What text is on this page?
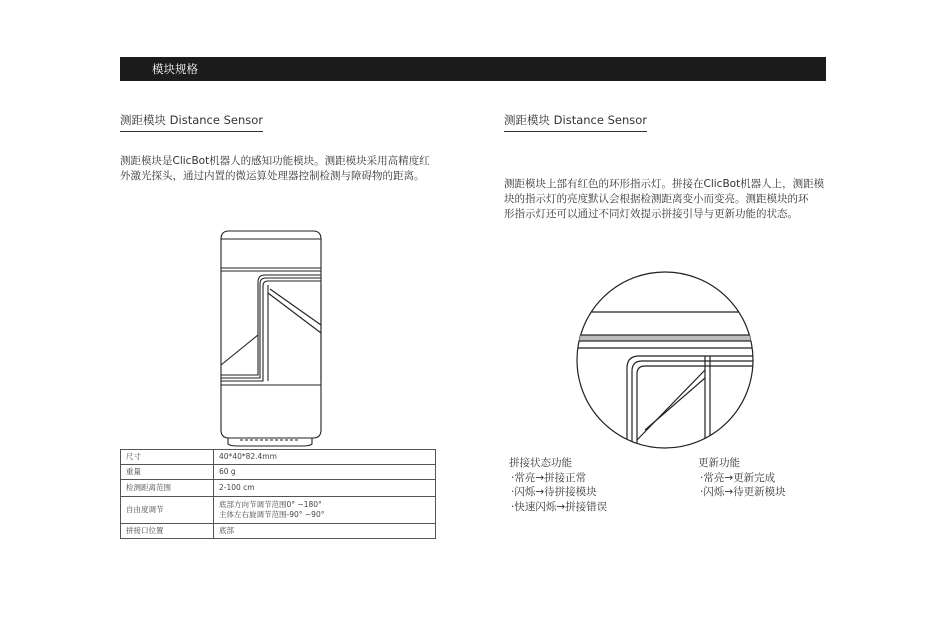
模块规格
测距模块 Distance Sensor
测距模块是ClicBot机器人的感知功能模块。测距模块采用高精度红
外激光探头，通过内置的微运算处理器控制检测与障碍物的距离。
尺寸	40*40*82.4mm
重量	60 g
检测距离范围	2-100 cm
自由度调节	底部方向节调节范围0° ~180°
主体左右旋调节范围-90° ~90°

拼接口位置	底部
测距模块 Distance Sensor
测距模块上部有红色的环形指示灯。拼接在ClicBot机器人上，测距模
块的指示灯的亮度默认会根据检测距离变小而变亮。测距模块的环
形指示灯还可以通过不同灯效提示拼接引导与更新功能的状态。
拼接状态功能
·常亮→拼接正常
·闪烁→待拼接模块
·快速闪烁→拼接错误
更新功能
·常亮→更新完成
·闪烁→待更新模块
